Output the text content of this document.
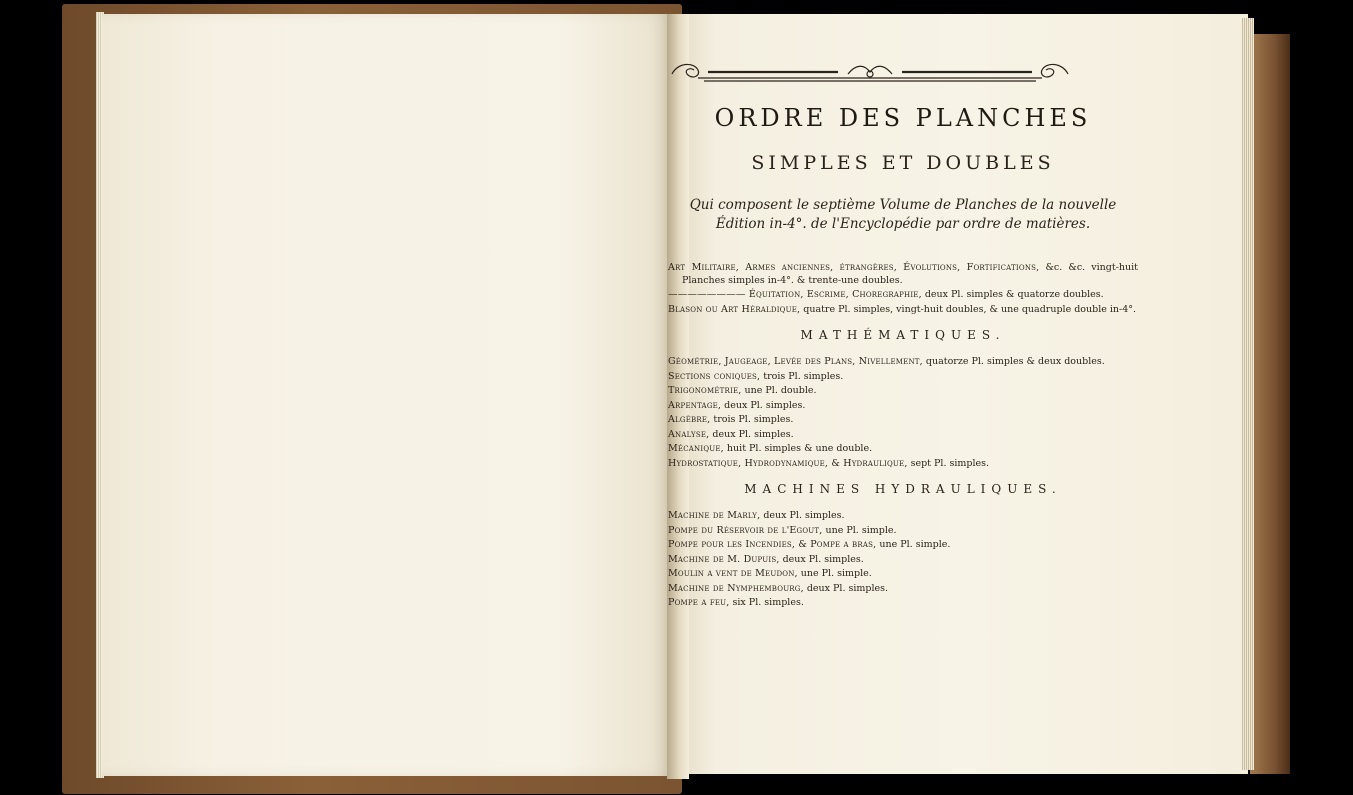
ORDRE DES PLANCHES
SIMPLES ET DOUBLES
Qui composent le septième Volume de Planches de la nouvelle Édition in-4°. de l'Encyclopédie par ordre de matières.
Art Militaire, Armes anciennes, étrangères, Évolutions, Fortifications, &c. &c. vingt-huit Planches simples in-4°. & trente-une doubles.
———————— Équitation, Escrime, Choregraphie, deux Pl. simples & quatorze doubles.
Blason ou Art Héraldique, quatre Pl. simples, vingt-huit doubles, & une quadruple double in-4°.
MATHÉMATIQUES.
Géométrie, Jaugeage, Levée des Plans, Nivellement, quatorze Pl. simples & deux doubles.
Sections coniques, trois Pl. simples.
Trigonométrie, une Pl. double.
Arpentage, deux Pl. simples.
Algèbre, trois Pl. simples.
Analyse, deux Pl. simples.
Mécanique, huit Pl. simples & une double.
Hydrostatique, Hydrodynamique, & Hydraulique, sept Pl. simples.
MACHINES HYDRAULIQUES.
Machine de Marly, deux Pl. simples.
Pompe du Réservoir de l'Egout, une Pl. simple.
Pompe pour les Incendies, & Pompe a bras, une Pl. simple.
Machine de M. Dupuis, deux Pl. simples.
Moulin a vent de Meudon, une Pl. simple.
Machine de Nymphembourg, deux Pl. simples.
Pompe a feu, six Pl. simples.
